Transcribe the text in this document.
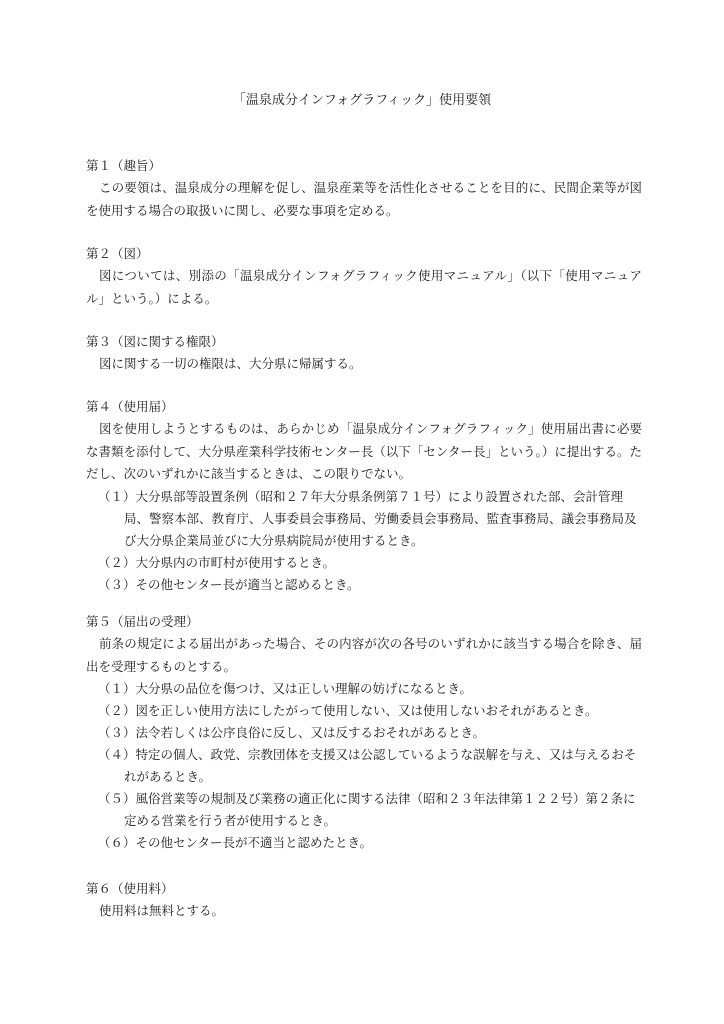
「温泉成分インフォグラフィック」使用要領
第１（趣旨）
この要領は、温泉成分の理解を促し、温泉産業等を活性化させることを目的に、民間企業等が図を使用する場合の取扱いに関し、必要な事項を定める。
第２（図）
図については、別添の「温泉成分インフォグラフィック使用マニュアル」（以下「使用マニュアル」という。）による。
第３（図に関する権限）
図に関する一切の権限は、大分県に帰属する。
第４（使用届）
図を使用しようとするものは、あらかじめ「温泉成分インフォグラフィック」使用届出書に必要な書類を添付して、大分県産業科学技術センター長（以下「センター長」という。）に提出する。ただし、次のいずれかに該当するときは、この限りでない。
（１）大分県部等設置条例（昭和２７年大分県条例第７１号）により設置された部、会計管理局、警察本部、教育庁、人事委員会事務局、労働委員会事務局、監査事務局、議会事務局及び大分県企業局並びに大分県病院局が使用するとき。
（２）大分県内の市町村が使用するとき。
（３）その他センター長が適当と認めるとき。
第５（届出の受理）
前条の規定による届出があった場合、その内容が次の各号のいずれかに該当する場合を除き、届出を受理するものとする。
（１）大分県の品位を傷つけ、又は正しい理解の妨げになるとき。
（２）図を正しい使用方法にしたがって使用しない、又は使用しないおそれがあるとき。
（３）法令若しくは公序良俗に反し、又は反するおそれがあるとき。
（４）特定の個人、政党、宗教団体を支援又は公認しているような誤解を与え、又は与えるおそれがあるとき。
（５）風俗営業等の規制及び業務の適正化に関する法律（昭和２３年法律第１２２号）第２条に定める営業を行う者が使用するとき。
（６）その他センター長が不適当と認めたとき。
第６（使用料）
使用料は無料とする。
